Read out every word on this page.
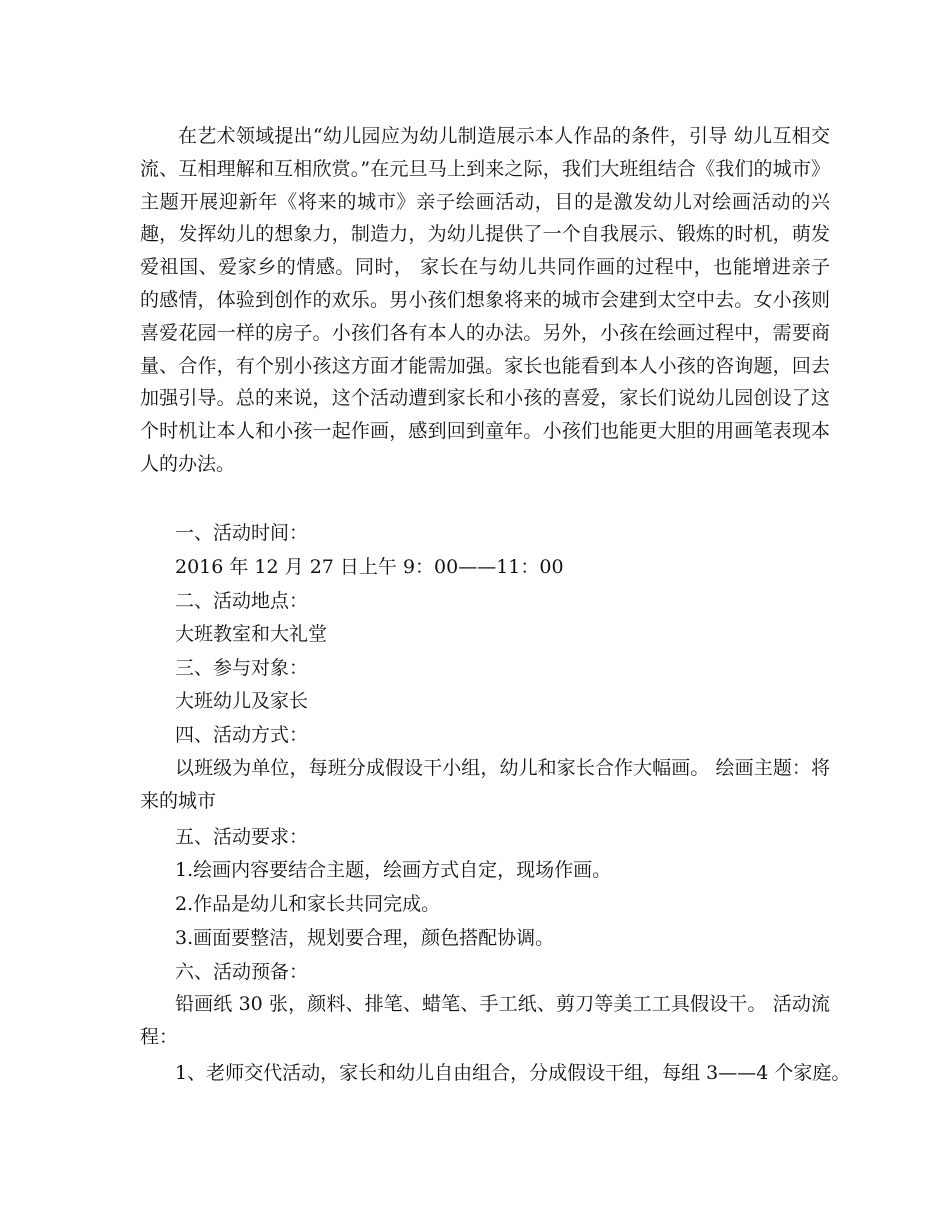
在艺术领域提出“幼儿园应为幼儿制造展示本人作品的条件，引导 幼儿互相交流、互相理解和互相欣赏。”在元旦马上到来之际，我们大班组结合《我们的城市》主题开展迎新年《将来的城市》亲子绘画活动，目的是激发幼儿对绘画活动的兴趣，发挥幼儿的想象力，制造力，为幼儿提供了一个自我展示、锻炼的时机，萌发爱祖国、爱家乡的情感。同时， 家长在与幼儿共同作画的过程中，也能增进亲子的感情，体验到创作的欢乐。男小孩们想象将来的城市会建到太空中去。女小孩则喜爱花园一样的房子。小孩们各有本人的办法。另外，小孩在绘画过程中，需要商量、合作，有个别小孩这方面才能需加强。家长也能看到本人小孩的咨询题，回去加强引导。总的来说，这个活动遭到家长和小孩的喜爱，家长们说幼儿园创设了这个时机让本人和小孩一起作画，感到回到童年。小孩们也能更大胆的用画笔表现本人的办法。

一、活动时间：

2016 年 12 月 27 日上午 9：00——11：00

二、活动地点：

大班教室和大礼堂

三、参与对象：

大班幼儿及家长

四、活动方式：

以班级为单位，每班分成假设干小组，幼儿和家长合作大幅画。 绘画主题：将来的城市

五、活动要求：

1.绘画内容要结合主题，绘画方式自定，现场作画。

2.作品是幼儿和家长共同完成。

3.画面要整洁，规划要合理，颜色搭配协调。

六、活动预备：

铅画纸 30 张，颜料、排笔、蜡笔、手工纸、剪刀等美工工具假设干。 活动流程：

1、老师交代活动，家长和幼儿自由组合，分成假设干组，每组 3——4 个家庭。
